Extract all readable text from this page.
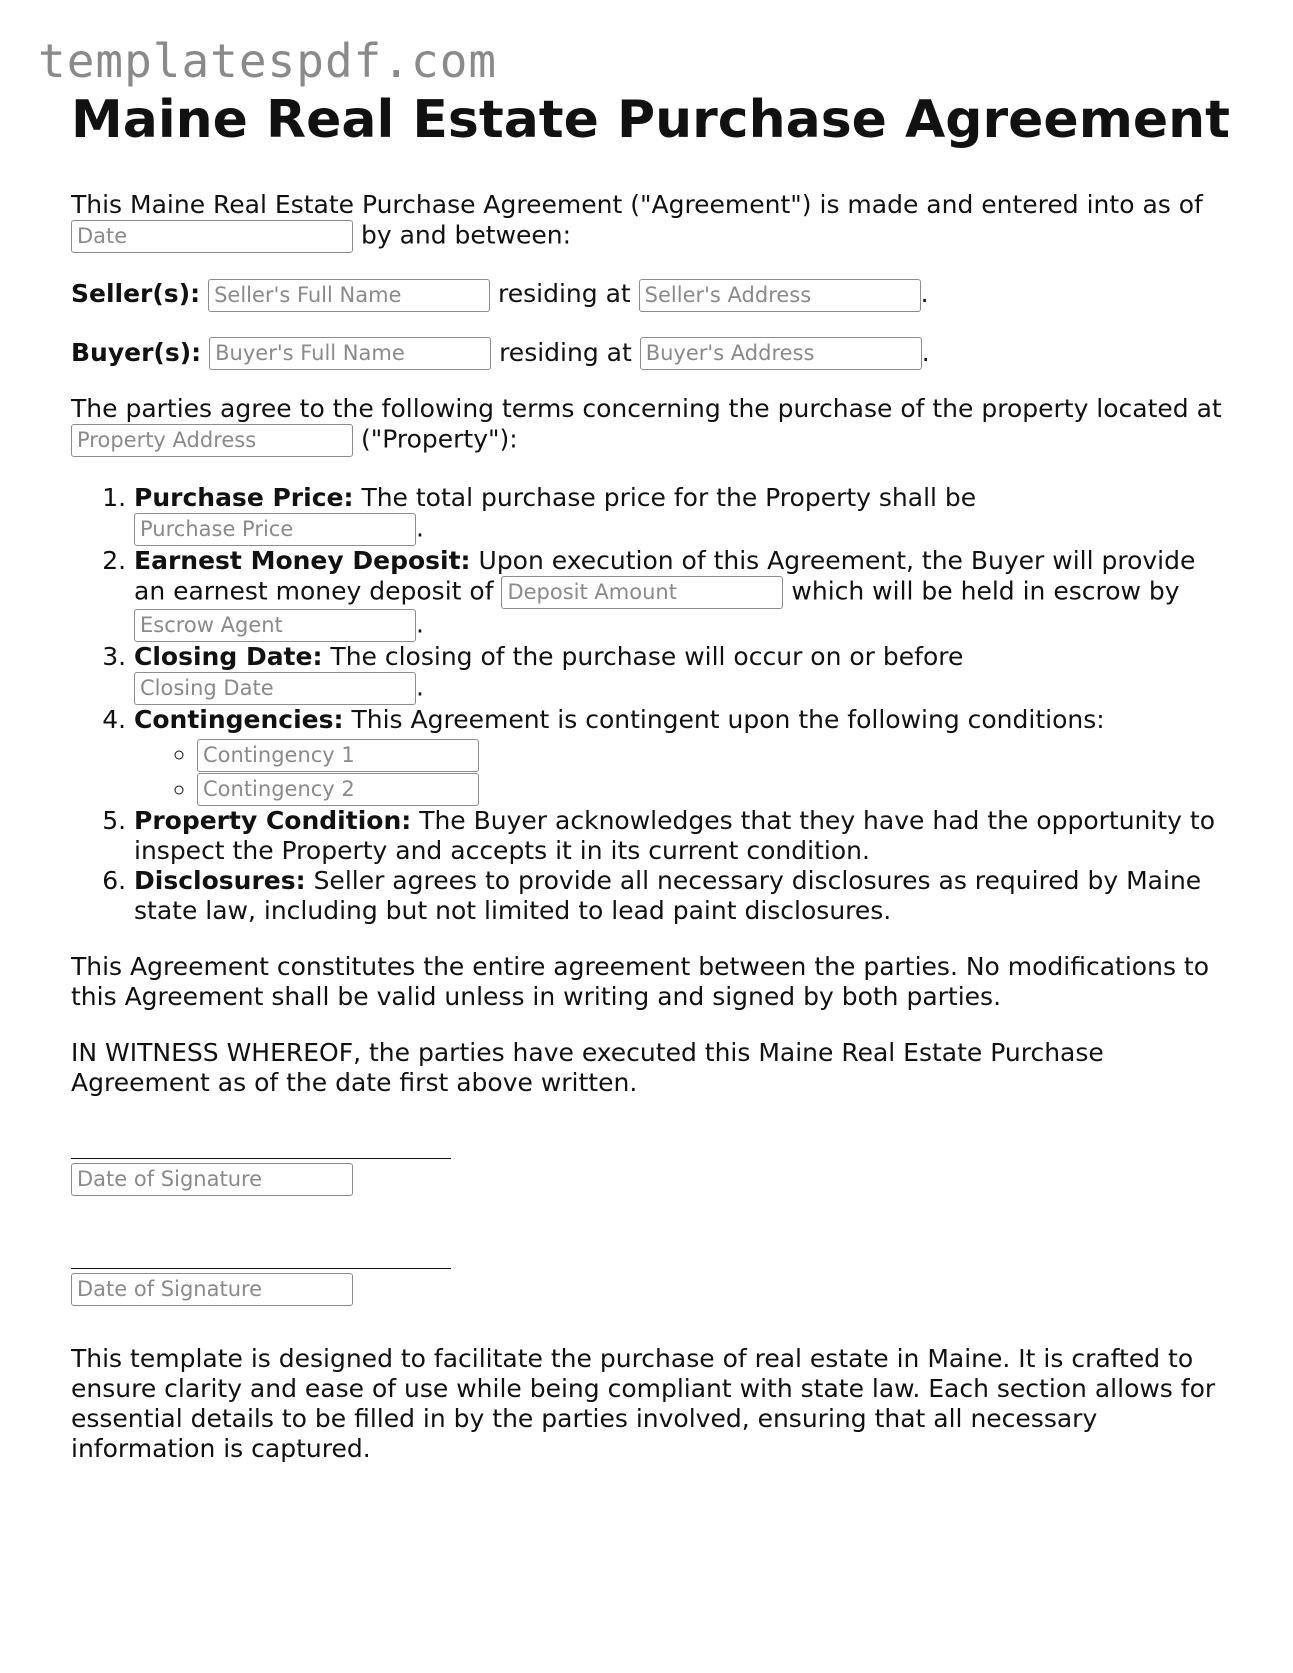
templatespdf.com
Maine Real Estate Purchase Agreement

This Maine Real Estate Purchase Agreement ("Agreement") is made and entered into as of
Date	by and between:

Seller(s): Seller's Full Name	residing at Seller's Address	.

Buyer(s): Buyer's Full Name	residing at Buyer's Address	.

The parties agree to the following terms concerning the purchase of the property located at Property Address	("Property"):

1. Purchase Price: The total purchase price for the Property shall be
Purchase Price	.
2. Earnest Money Deposit: Upon execution of this Agreement, the Buyer will provide an earnest money deposit of Deposit Amount	which will be held in escrow by Escrow Agent	.
3. Closing Date: The closing of the purchase will occur on or before
Closing Date	.
4. Contingencies: This Agreement is contingent upon the following conditions:
◦ Contingency 1
◦ Contingency 2
5. Property Condition: The Buyer acknowledges that they have had the opportunity to inspect the Property and accepts it in its current condition.
6. Disclosures: Seller agrees to provide all necessary disclosures as required by Maine state law, including but not limited to lead paint disclosures.

This Agreement constitutes the entire agreement between the parties. No modifications to this Agreement shall be valid unless in writing and signed by both parties.

IN WITNESS WHEREOF, the parties have executed this Maine Real Estate Purchase Agreement as of the date first above written.

Date of Signature
Date of Signature

This template is designed to facilitate the purchase of real estate in Maine. It is crafted to ensure clarity and ease of use while being compliant with state law. Each section allows for essential details to be filled in by the parties involved, ensuring that all necessary information is captured.
